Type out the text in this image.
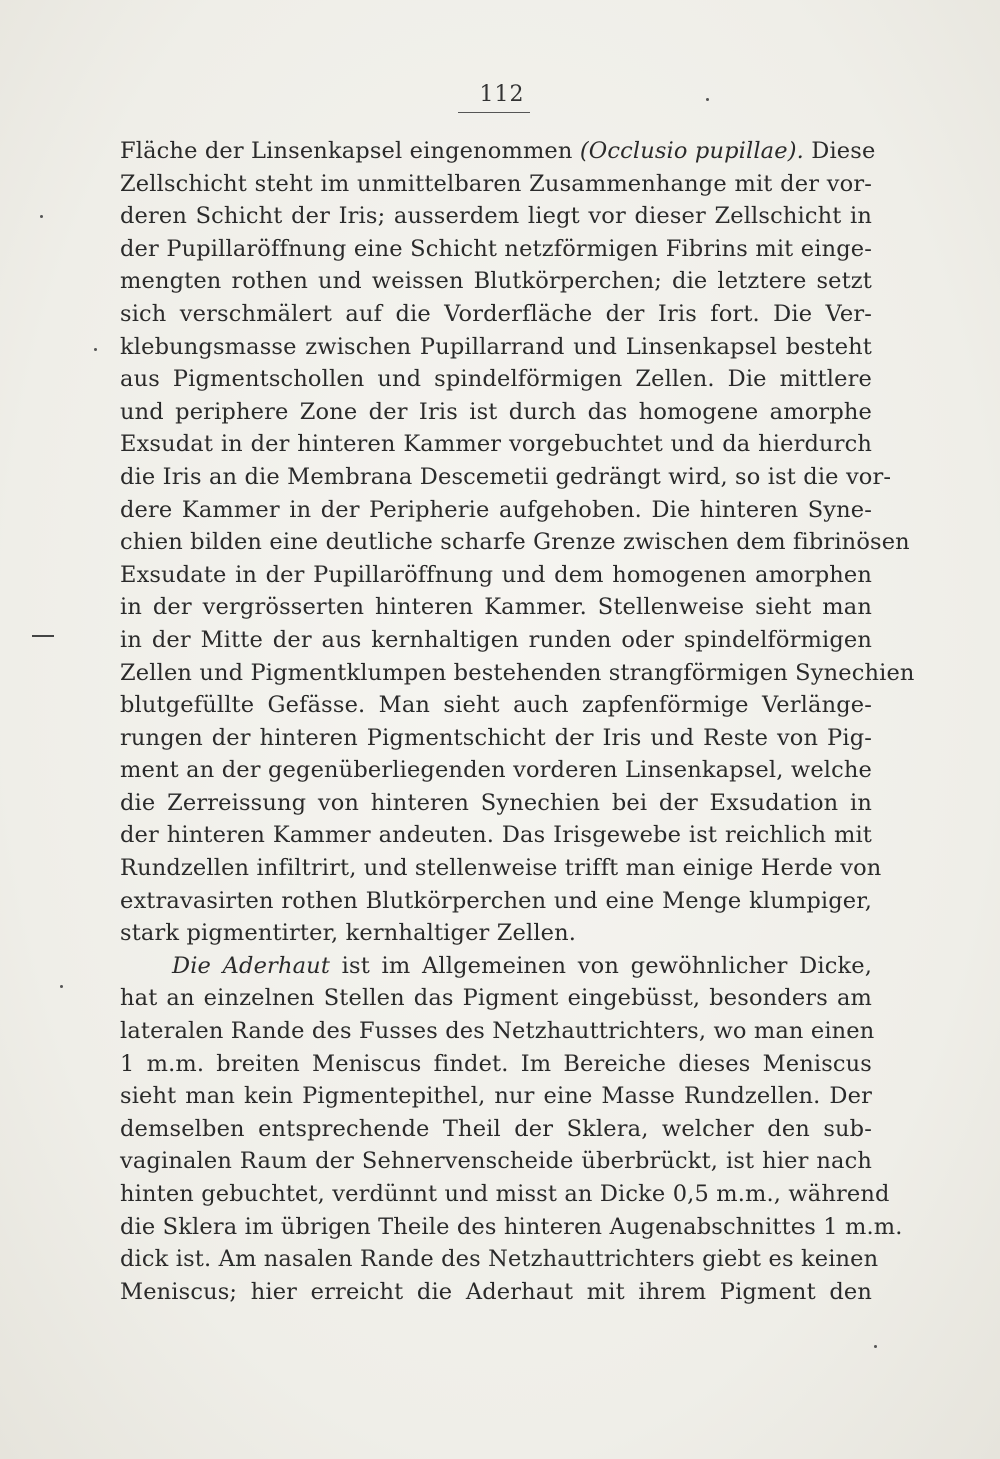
112
Fläche der Linsenkapsel eingenommen (Occlusio pupillae). Diese
Zellschicht steht im unmittelbaren Zusammenhange mit der vor-
deren Schicht der Iris; ausserdem liegt vor dieser Zellschicht in
der Pupillaröffnung eine Schicht netzförmigen Fibrins mit einge-
mengten rothen und weissen Blutkörperchen; die letztere setzt
sich verschmälert auf die Vorderfläche der Iris fort. Die Ver-
klebungsmasse zwischen Pupillarrand und Linsenkapsel besteht
aus Pigmentschollen und spindelförmigen Zellen. Die mittlere
und periphere Zone der Iris ist durch das homogene amorphe
Exsudat in der hinteren Kammer vorgebuchtet und da hierdurch
die Iris an die Membrana Descemetii gedrängt wird, so ist die vor-
dere Kammer in der Peripherie aufgehoben. Die hinteren Syne-
chien bilden eine deutliche scharfe Grenze zwischen dem fibrinösen
Exsudate in der Pupillaröffnung und dem homogenen amorphen
in der vergrösserten hinteren Kammer. Stellenweise sieht man
in der Mitte der aus kernhaltigen runden oder spindelförmigen
Zellen und Pigmentklumpen bestehenden strangförmigen Synechien
blutgefüllte Gefässe. Man sieht auch zapfenförmige Verlänge-
rungen der hinteren Pigmentschicht der Iris und Reste von Pig-
ment an der gegenüberliegenden vorderen Linsenkapsel, welche
die Zerreissung von hinteren Synechien bei der Exsudation in
der hinteren Kammer andeuten. Das Irisgewebe ist reichlich mit
Rundzellen infiltrirt, und stellenweise trifft man einige Herde von
extravasirten rothen Blutkörperchen und eine Menge klumpiger,
stark pigmentirter, kernhaltiger Zellen.
Die Aderhaut ist im Allgemeinen von gewöhnlicher Dicke,
hat an einzelnen Stellen das Pigment eingebüsst, besonders am
lateralen Rande des Fusses des Netzhauttrichters, wo man einen
1 m.m. breiten Meniscus findet. Im Bereiche dieses Meniscus
sieht man kein Pigmentepithel, nur eine Masse Rundzellen. Der
demselben entsprechende Theil der Sklera, welcher den sub-
vaginalen Raum der Sehnervenscheide überbrückt, ist hier nach
hinten gebuchtet, verdünnt und misst an Dicke 0,5 m.m., während
die Sklera im übrigen Theile des hinteren Augenabschnittes 1 m.m.
dick ist. Am nasalen Rande des Netzhauttrichters giebt es keinen
Meniscus; hier erreicht die Aderhaut mit ihrem Pigment den
